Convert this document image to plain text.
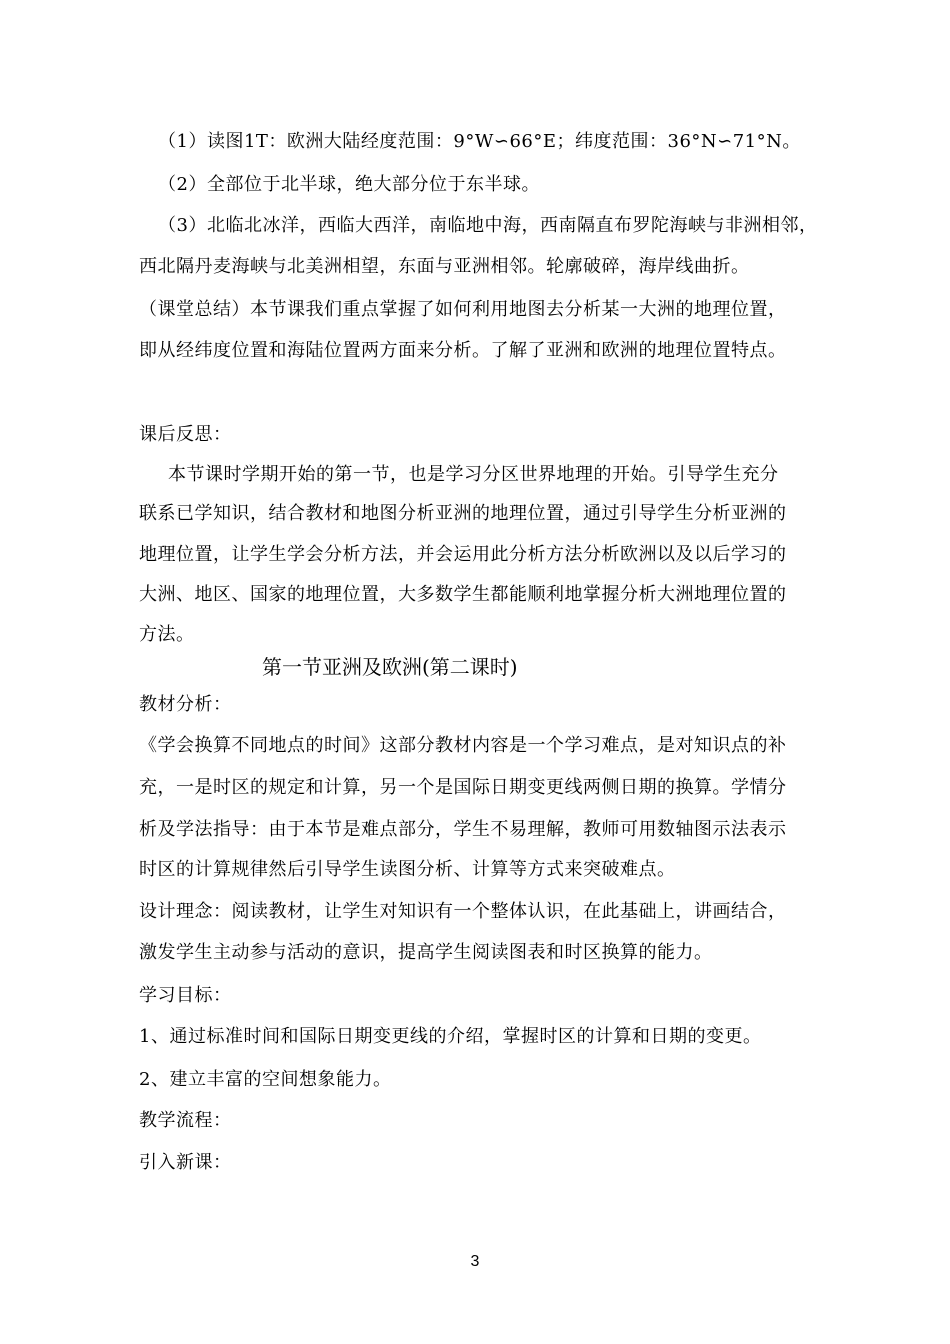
（1）读图1T：欧洲大陆经度范围：9°W∽66°E；纬度范围：36°N∽71°N。
（2）全部位于北半球，绝大部分位于东半球。
（3）北临北冰洋，西临大西洋，南临地中海，西南隔直布罗陀海峡与非洲相邻，
西北隔丹麦海峡与北美洲相望，东面与亚洲相邻。轮廓破碎，海岸线曲折。
（课堂总结）本节课我们重点掌握了如何利用地图去分析某一大洲的地理位置，
即从经纬度位置和海陆位置两方面来分析。了解了亚洲和欧洲的地理位置特点。
课后反思：
本节课时学期开始的第一节，也是学习分区世界地理的开始。引导学生充分
联系已学知识，结合教材和地图分析亚洲的地理位置，通过引导学生分析亚洲的
地理位置，让学生学会分析方法，并会运用此分析方法分析欧洲以及以后学习的
大洲、地区、国家的地理位置，大多数学生都能顺利地掌握分析大洲地理位置的
方法。
第一节亚洲及欧洲(第二课时)
教材分析：
《学会换算不同地点的时间》这部分教材内容是一个学习难点，是对知识点的补
充，一是时区的规定和计算，另一个是国际日期变更线两侧日期的换算。学情分
析及学法指导：由于本节是难点部分，学生不易理解，教师可用数轴图示法表示
时区的计算规律然后引导学生读图分析、计算等方式来突破难点。
设计理念：阅读教材，让学生对知识有一个整体认识，在此基础上，讲画结合，
激发学生主动参与活动的意识，提高学生阅读图表和时区换算的能力。
学习目标：
1、通过标准时间和国际日期变更线的介绍，掌握时区的计算和日期的变更。
2、建立丰富的空间想象能力。
教学流程：
引入新课：
3
